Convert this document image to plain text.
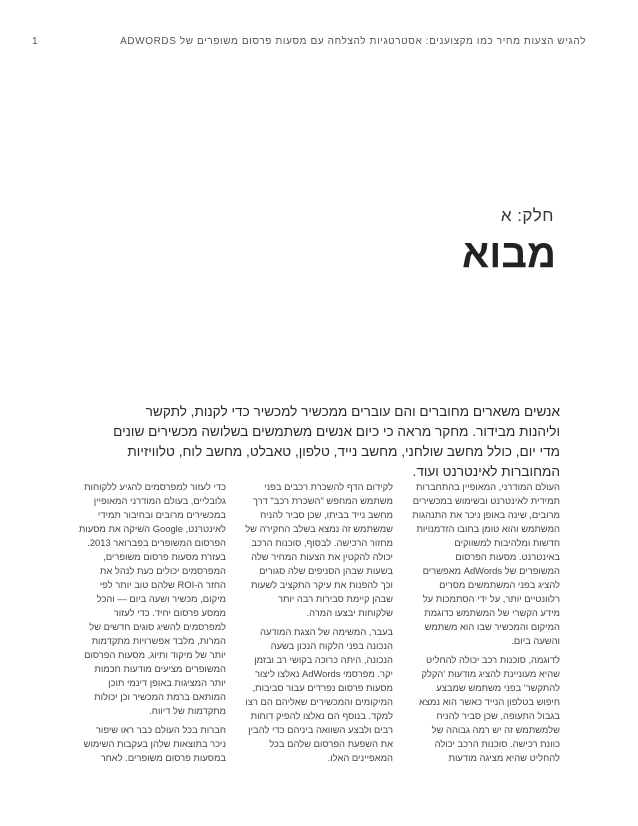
להגיש הצעות מחיר כמו מקצוענים: אסטרטגיות להצלחה עם מסעות פרסום משופרים של ADWORDS
1
חלק: א
מבוא

אנשים משארים מחוברים והם עוברים ממכשיר למכשיר כדי לקנות, לתקשר וליהנות מבידור. מחקר מראה כי כיום אנשים משתמשים בשלושה מכשירים שונים מדי יום, כולל מחשב שולחני, מחשב נייד, טלפון, טאבלט, מחשב לוח, טלוויזיות המחוברות לאינטרנט ועוד.

העולם המודרני, המאופיין בהתחברות תמידית לאינטרנט ובשימוש במכשירים מרובים, שינה באופן ניכר את התנהגות המשתמש והוא טומן בחובו הזדמנויות חדשות ומלהיבות למשווקים באינטרנט. מסעות הפרסום המשופרים של AdWords מאפשרים להציג בפני המשתמשים מסרים רלוונטיים יותר, על ידי הסתמכות על מידע הקשרי של המשתמש כדוגמת המיקום והמכשיר שבו הוא משתמש והשעה ביום.

לדוגמה, סוכנות רכב יכולה להחליט שהיא מעוניינת להציג מודעות 'הקלק להתקשר' בפני משתמש שמבצע חיפוש בטלפון הנייד כאשר הוא נמצא בגבול התעופה, שכן סביר להניח שלמשתמש זה יש רמה גבוהה של כוונת רכישה. סוכנות הרכב יכולה להחליט שהיא מציגה מודעות

לקידום הדף להשכרת רכבים בפני משתמש המחפש "השכרת רכב" דרך מחשב נייד בביתו, שכן סביר להניח שמשתמש זה נמצא בשלב החקירה של מחזור הרכישה. לבסוף, סוכנות הרכב יכולה להקטין את הצעות המחיר שלה בשעות שבהן הסניפים שלה סגורים וכך להפנות את עיקר התקציב לשעות שבהן קיימת סבירות רבה יותר שלקוחות יבצעו המרה.

בעבר, המשימה של הצגת המודעה הנכונה בפני הלקוח הנכון בשעה הנכונה, היתה כרוכה בקושי רב ובזמן יקר. מפרסמי AdWords נאלצו ליצור מסעות פרסום נפרדים עבור סביבות, המיקומים והמכשירים שאליהם הם רצו למקד. בנוסף הם נאלצו להפיק דוחות רבים ולבצע השוואה ביניהם כדי להבין את השפעת הפרסום שלהם בכל המאפיינים האלו.

כדי לעזור למפרסמים להגיע ללקוחות גלובליים, בעולם המודרני המאופיין במכשירים מרובים ובחיבור תמידי לאינטרנט, Google השיקה את מסעות הפרסום המשופרים בפברואר 2013. בעזרת מסעות פרסום משופרים, המפרסמים יכולים כעת לנהל את החזר ה-ROI שלהם טוב יותר לפי מיקום, מכשיר ושעה ביום — והכל ממסע פרסום יחיד. כדי לעזור למפרסמים להשיג סוגים חדשים של המרות, מלבד אפשרויות מתקדמות יותר של מיקוד ותיוג, מסעות הפרסום המשופרים מציעים מודעות חכמות יותר המציגות באופן דינמי תוכן המותאם ברמת המכשיר וכן יכולות מתקדמות של דיווח.

חברות בכל העולם כבר ראו שיפור ניכר בתוצאות שלהן בעקבות השימוש במסעות פרסום משופרים. לאחר
